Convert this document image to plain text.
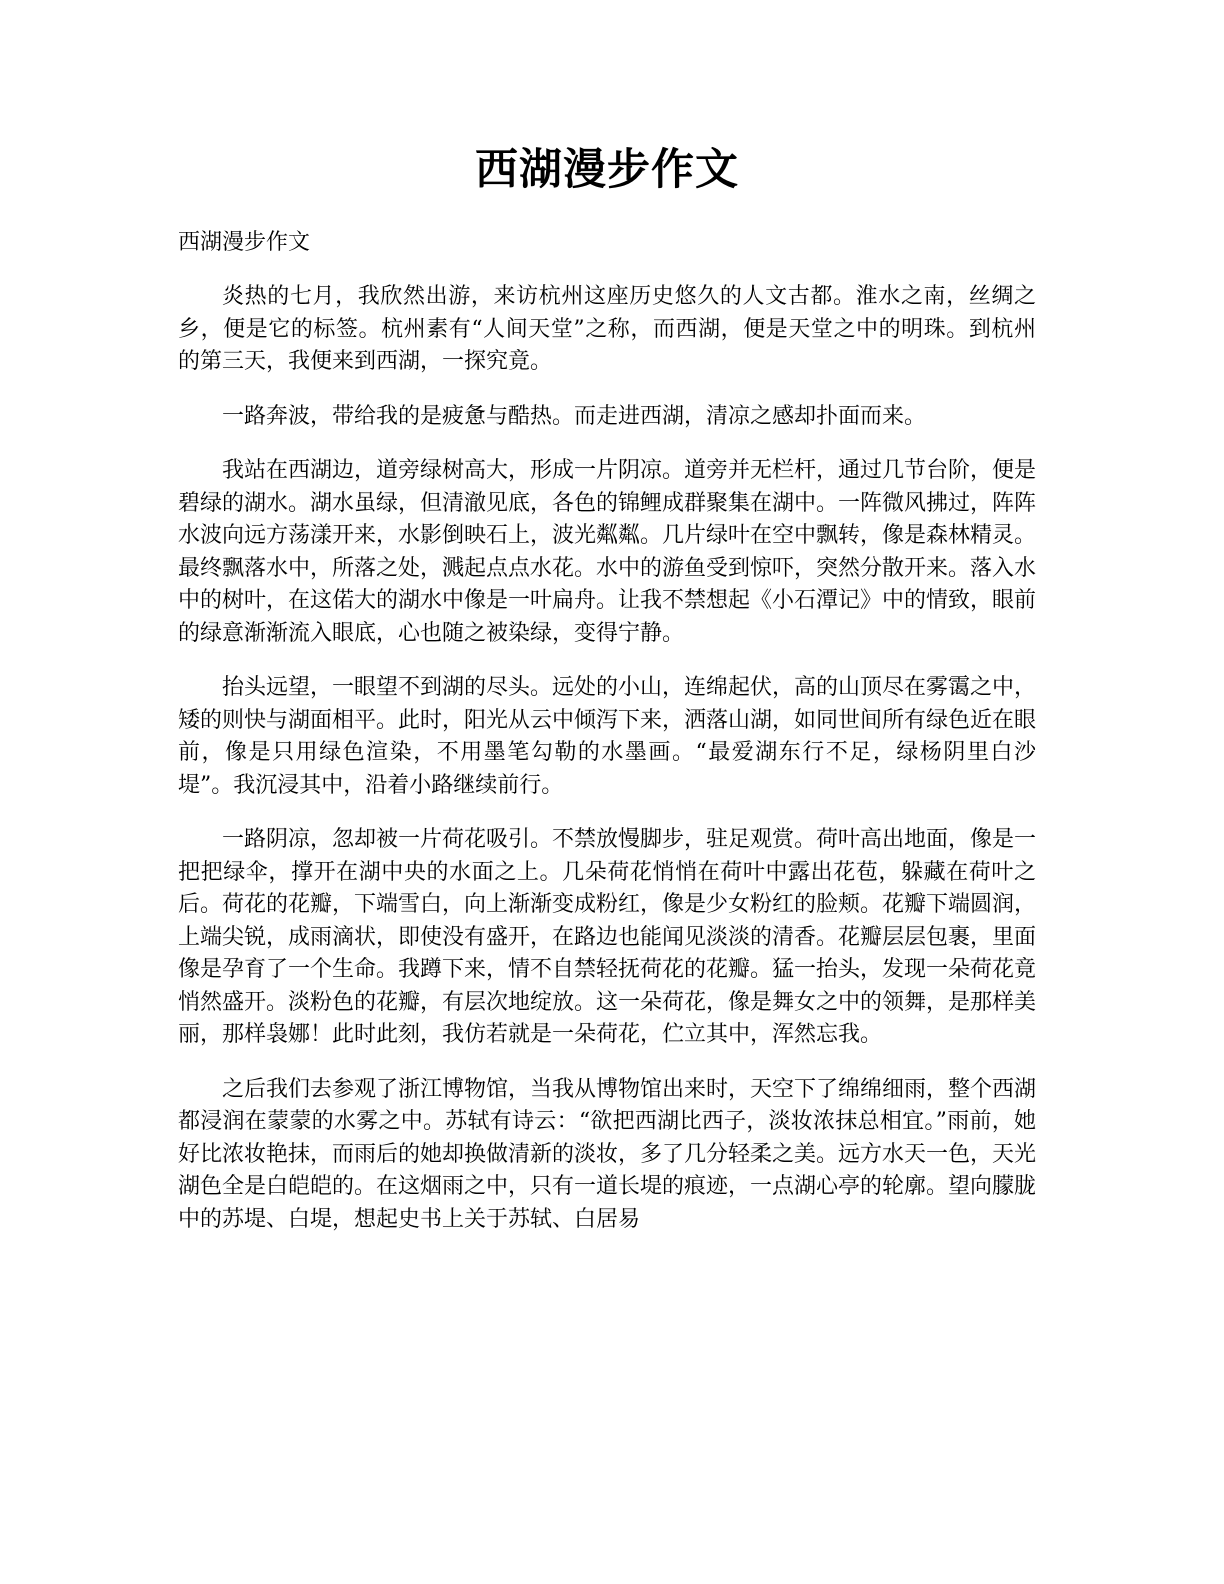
西湖漫步作文

西湖漫步作文

炎热的七月，我欣然出游，来访杭州这座历史悠久的人文古都。淮水之南，丝绸之乡，便是它的标签。杭州素有“人间天堂”之称，而西湖，便是天堂之中的明珠。到杭州的第三天，我便来到西湖，一探究竟。

一路奔波，带给我的是疲惫与酷热。而走进西湖，清凉之感却扑面而来。

我站在西湖边，道旁绿树高大，形成一片阴凉。道旁并无栏杆，通过几节台阶，便是碧绿的湖水。湖水虽绿，但清澈见底，各色的锦鲤成群聚集在湖中。一阵微风拂过，阵阵水波向远方荡漾开来，水影倒映石上，波光粼粼。几片绿叶在空中飘转，像是森林精灵。最终飘落水中，所落之处，溅起点点水花。水中的游鱼受到惊吓，突然分散开来。落入水中的树叶，在这偌大的湖水中像是一叶扁舟。让我不禁想起《小石潭记》中的情致，眼前的绿意渐渐流入眼底，心也随之被染绿，变得宁静。

抬头远望，一眼望不到湖的尽头。远处的小山，连绵起伏，高的山顶尽在雾霭之中，矮的则快与湖面相平。此时，阳光从云中倾泻下来，洒落山湖，如同世间所有绿色近在眼前，像是只用绿色渲染，不用墨笔勾勒的水墨画。“最爱湖东行不足，绿杨阴里白沙堤”。我沉浸其中，沿着小路继续前行。

一路阴凉，忽却被一片荷花吸引。不禁放慢脚步，驻足观赏。荷叶高出地面，像是一把把绿伞，撑开在湖中央的水面之上。几朵荷花悄悄在荷叶中露出花苞，躲藏在荷叶之后。荷花的花瓣，下端雪白，向上渐渐变成粉红，像是少女粉红的脸颊。花瓣下端圆润，上端尖锐，成雨滴状，即使没有盛开，在路边也能闻见淡淡的清香。花瓣层层包裹，里面像是孕育了一个生命。我蹲下来，情不自禁轻抚荷花的花瓣。猛一抬头，发现一朵荷花竟悄然盛开。淡粉色的花瓣，有层次地绽放。这一朵荷花，像是舞女之中的领舞，是那样美丽，那样袅娜！此时此刻，我仿若就是一朵荷花，伫立其中，浑然忘我。

之后我们去参观了浙江博物馆，当我从博物馆出来时，天空下了绵绵细雨，整个西湖都浸润在蒙蒙的水雾之中。苏轼有诗云：“欲把西湖比西子，淡妆浓抹总相宜。”雨前，她好比浓妆艳抹，而雨后的她却换做清新的淡妆，多了几分轻柔之美。远方水天一色，天光湖色全是白皑皑的。在这烟雨之中，只有一道长堤的痕迹，一点湖心亭的轮廓。望向朦胧中的苏堤、白堤，想起史书上关于苏轼、白居易
